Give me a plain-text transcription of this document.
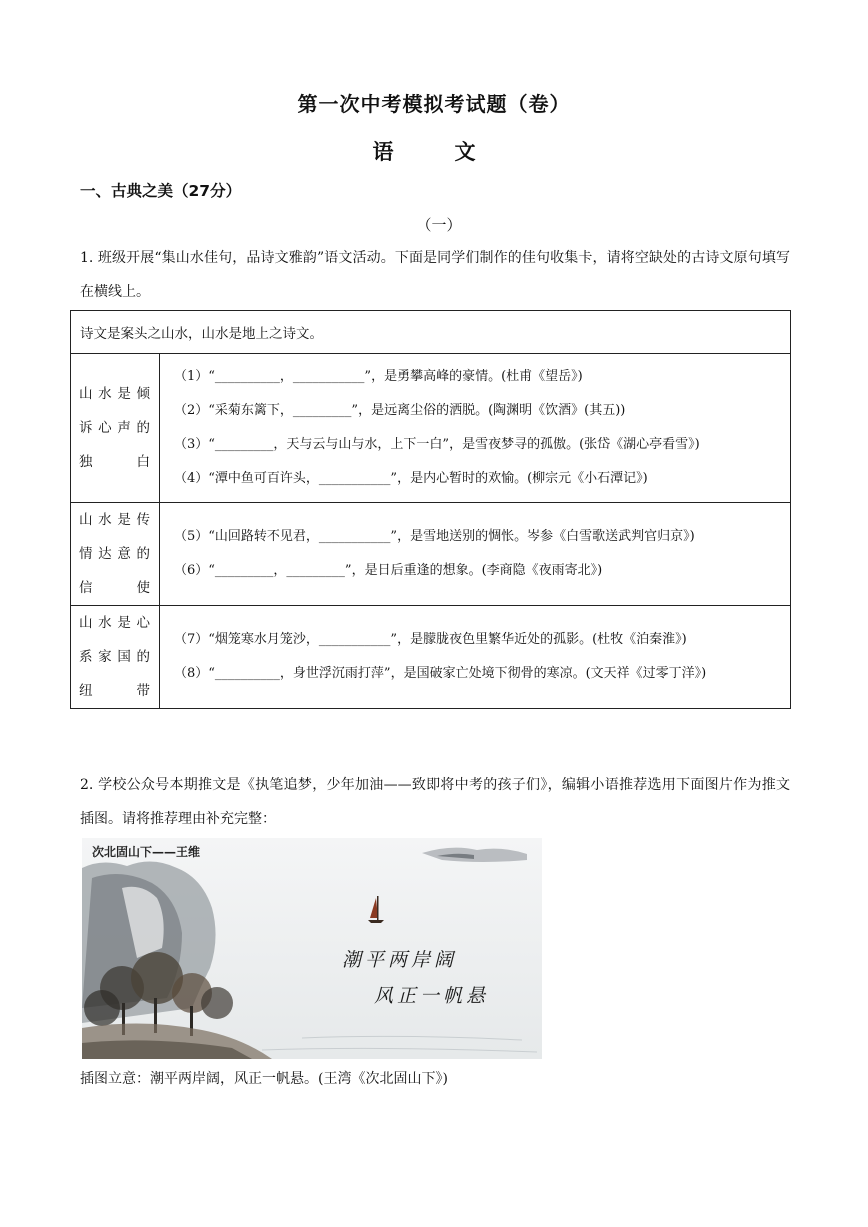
第一次中考模拟考试题（卷）
语　文
一、古典之美（27分）
（一）
1. 班级开展“集山水佳句，品诗文雅韵”语文活动。下面是同学们制作的佳句收集卡，请将空缺处的古诗文原句填写在横线上。
诗文是案头之山水，山水是地上之诗文。	
山水是倾诉心声的独白	（1）“__________，___________”，是勇攀高峰的豪情。(杜甫《望岳》)
（2）“采菊东篱下，_________”，是远离尘俗的洒脱。(陶渊明《饮酒》(其五))
（3）“_________，天与云与山与水，上下一白”，是雪夜梦寻的孤傲。(张岱《湖心亭看雪》)
（4）“潭中鱼可百许头，___________”，是内心暂时的欢愉。(柳宗元《小石潭记》)

山水是传情达意的信使	（5）“山回路转不见君，___________”，是雪地送别的惆怅。岑参《白雪歌送武判官归京》)
（6）“_________，_________”，是日后重逢的想象。(李商隐《夜雨寄北》)

山水是心系家国的纽带	（7）“烟笼寒水月笼沙，___________”，是朦胧夜色里繁华近处的孤影。(杜牧《泊秦淮》)
（8）“__________，身世浮沉雨打萍”，是国破家亡处境下彻骨的寒凉。(文天祥《过零丁洋》)
2. 学校公众号本期推文是《执笔追梦，少年加油——致即将中考的孩子们》，编辑小语推荐选用下面图片作为推文插图。请将推荐理由补充完整：
次北固山下——王维
潮平两岸阔
风正一帆悬
插图立意：潮平两岸阔，风正一帆悬。(王湾《次北固山下》)
